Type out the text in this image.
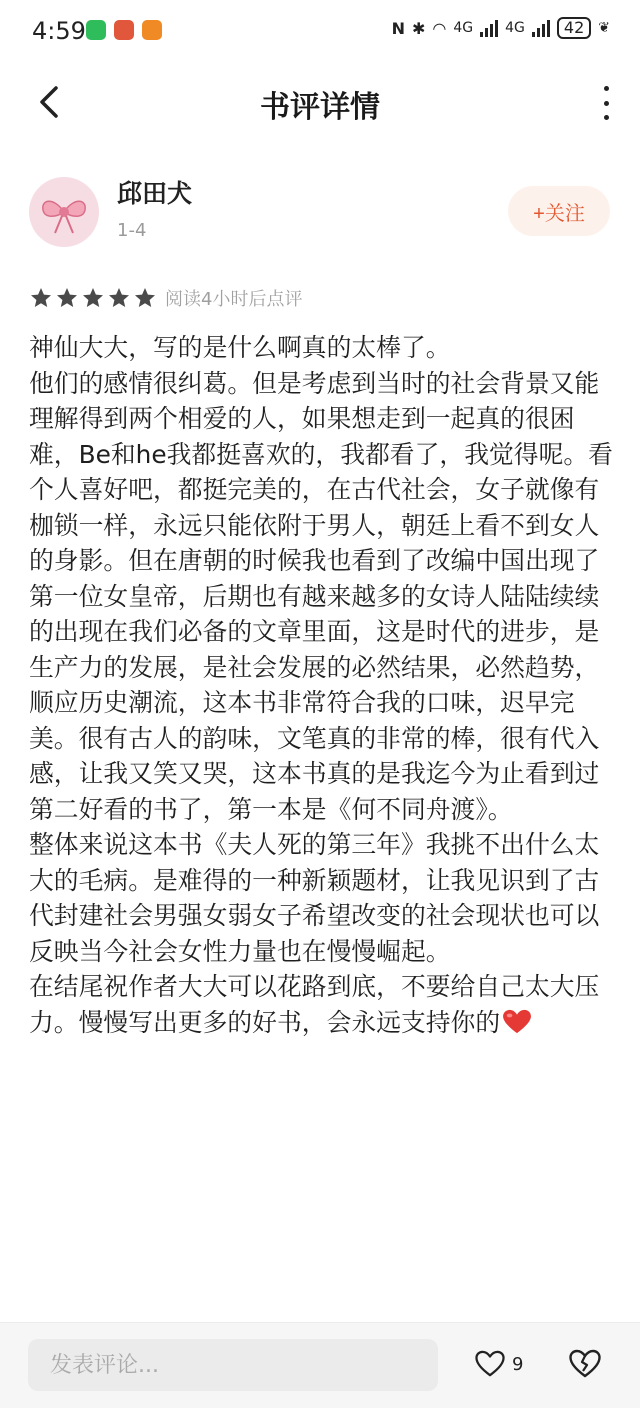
4:59	N ✱ ◠ 4G 4G	42	❦
书评详情
邱田犬
1-4
+关注
阅读4小时后点评

神仙大大，写的是什么啊真的太棒了。

他们的感情很纠葛。但是考虑到当时的社会背景又能理解得到两个相爱的人，如果想走到一起真的很困难，Be和he我都挺喜欢的，我都看了，我觉得呢。看个人喜好吧，都挺完美的，在古代社会，女子就像有枷锁一样，永远只能依附于男人，朝廷上看不到女人的身影。但在唐朝的时候我也看到了改编中国出现了第一位女皇帝，后期也有越来越多的女诗人陆陆续续的出现在我们必备的文章里面，这是时代的进步，是生产力的发展，是社会发展的必然结果，必然趋势，顺应历史潮流，这本书非常符合我的口味，迟早完美。很有古人的韵味，文笔真的非常的棒，很有代入感，让我又笑又哭，这本书真的是我迄今为止看到过第二好看的书了，第一本是《何不同舟渡》。

整体来说这本书《夫人死的第三年》我挑不出什么太大的毛病。是难得的一种新颖题材，让我见识到了古代封建社会男强女弱女子希望改变的社会现状也可以反映当今社会女性力量也在慢慢崛起。

在结尾祝作者大大可以花路到底，不要给自己太大压力。慢慢写出更多的好书，会永远支持你的

发表评论...
9
